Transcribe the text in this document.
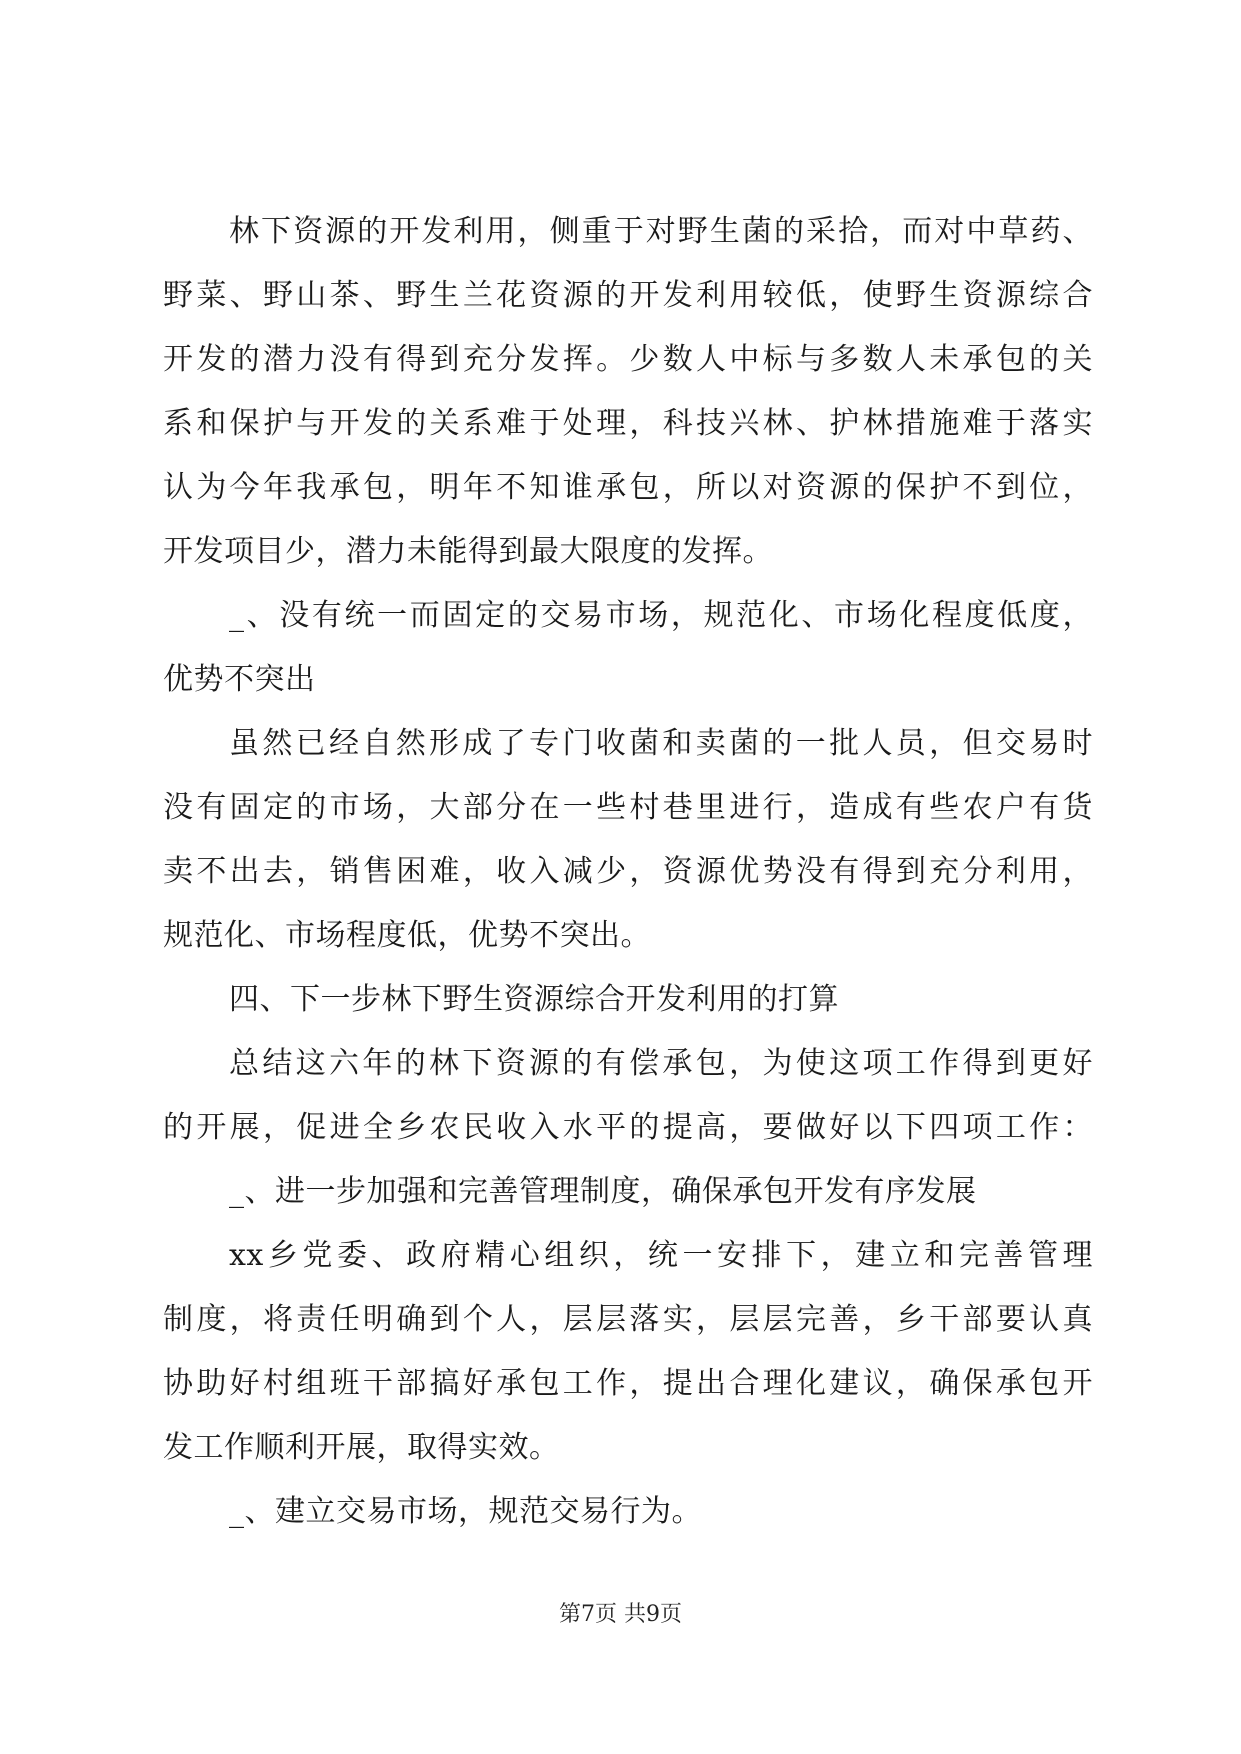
林下资源的开发利用，侧重于对野生菌的采拾，而对中草药、
野菜、野山茶、野生兰花资源的开发利用较低，使野生资源综合
开发的潜力没有得到充分发挥。少数人中标与多数人未承包的关
系和保护与开发的关系难于处理，科技兴林、护林措施难于落实
认为今年我承包，明年不知谁承包，所以对资源的保护不到位，
开发项目少，潜力未能得到最大限度的发挥。
_、没有统一而固定的交易市场，规范化、市场化程度低度，
优势不突出
虽然已经自然形成了专门收菌和卖菌的一批人员，但交易时
没有固定的市场，大部分在一些村巷里进行，造成有些农户有货
卖不出去，销售困难，收入减少，资源优势没有得到充分利用，
规范化、市场程度低，优势不突出。
四、下一步林下野生资源综合开发利用的打算
总结这六年的林下资源的有偿承包，为使这项工作得到更好
的开展，促进全乡农民收入水平的提高，要做好以下四项工作：
_、进一步加强和完善管理制度，确保承包开发有序发展
xx乡党委、政府精心组织，统一安排下，建立和完善管理
制度，将责任明确到个人，层层落实，层层完善，乡干部要认真
协助好村组班干部搞好承包工作，提出合理化建议，确保承包开
发工作顺利开展，取得实效。
_、建立交易市场，规范交易行为。
第7页 共9页
